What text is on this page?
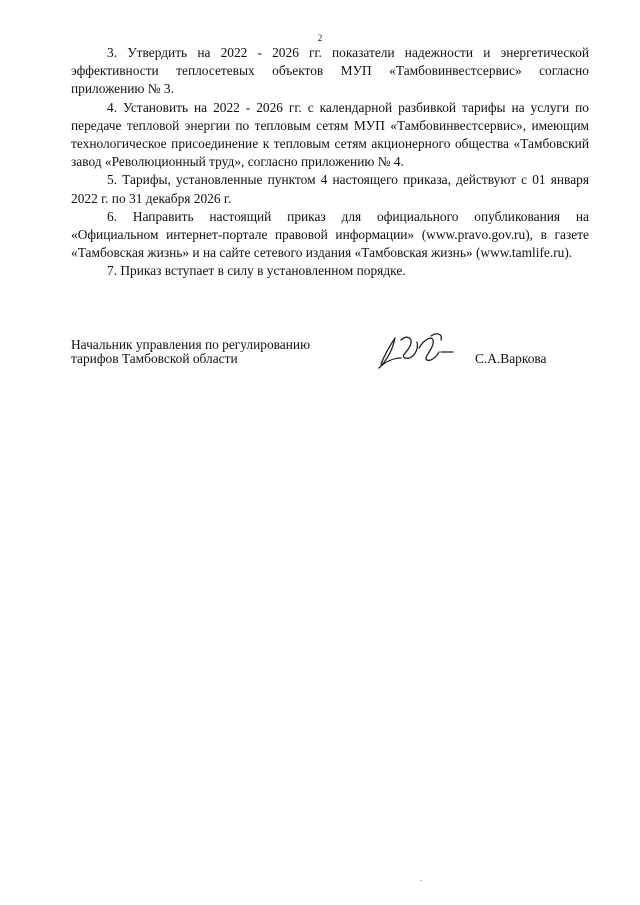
2

3. Утвердить на 2022 - 2026 гг. показатели надежности и энергетической эффективности теплосетевых объектов МУП «Тамбовинвестсервис» согласно приложению № 3.

4. Установить на 2022 - 2026 гг. с календарной разбивкой тарифы на услуги по передаче тепловой энергии по тепловым сетям МУП «Тамбовинвестсервис», имеющим технологическое присоединение к тепловым сетям акционерного общества «Тамбовский завод «Революционный труд», согласно приложению № 4.

5. Тарифы, установленные пунктом 4 настоящего приказа, действуют с 01 января 2022 г. по 31 декабря 2026 г.

6. Направить настоящий приказ для официального опубликования на «Официальном интернет-портале правовой информации» (www.pravo.gov.ru), в газете «Тамбовская жизнь» и на сайте сетевого издания «Тамбовская жизнь» (www.tamlife.ru).

7. Приказ вступает в силу в установленном порядке.

Начальник управления по регулированию
тарифов Тамбовской области	С.А.Варкова
